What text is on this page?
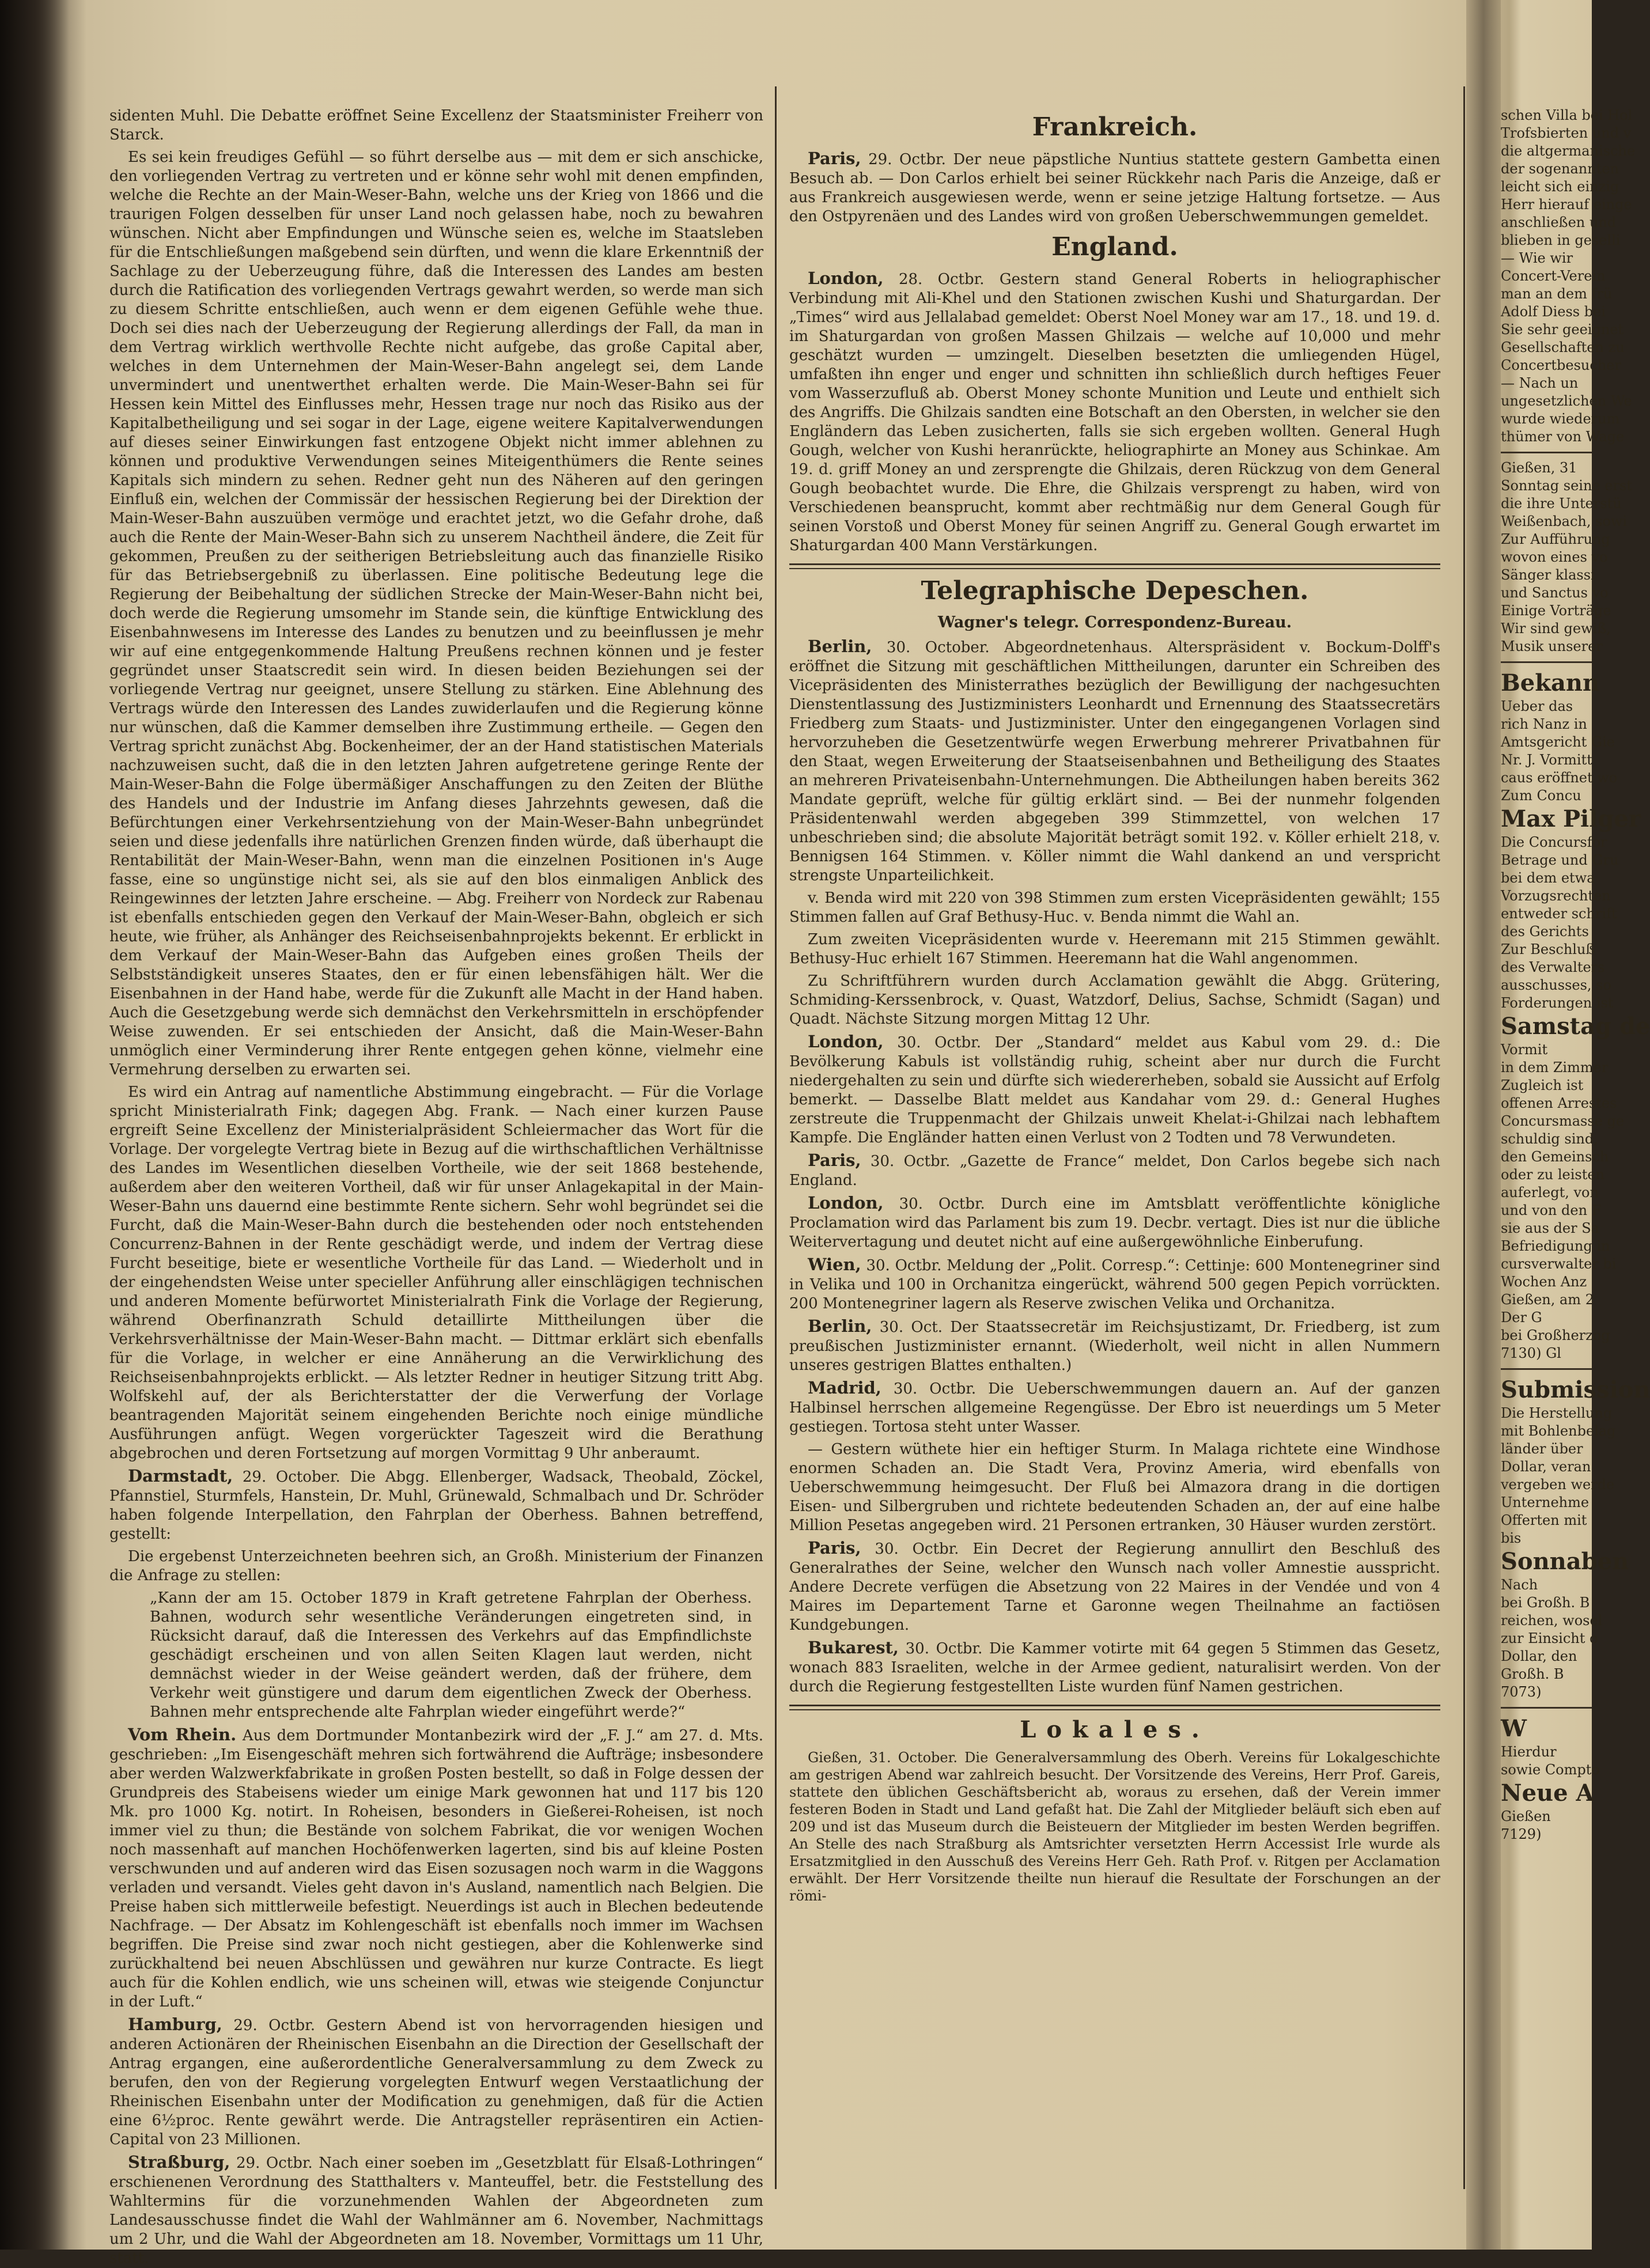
sidenten Muhl. Die Debatte eröffnet Seine Excellenz der Staatsminister Freiherr von Starck.

Es sei kein freudiges Gefühl — so führt derselbe aus — mit dem er sich anschicke, den vorliegenden Vertrag zu vertreten und er könne sehr wohl mit denen empfinden, welche die Rechte an der Main-Weser-Bahn, welche uns der Krieg von 1866 und die traurigen Folgen desselben für unser Land noch gelassen habe, noch zu bewahren wünschen. Nicht aber Empfindungen und Wünsche seien es, welche im Staatsleben für die Entschließungen maßgebend sein dürften, und wenn die klare Erkenntniß der Sachlage zu der Ueberzeugung führe, daß die Interessen des Landes am besten durch die Ratification des vorliegenden Vertrags gewahrt werden, so werde man sich zu diesem Schritte entschließen, auch wenn er dem eigenen Gefühle wehe thue. Doch sei dies nach der Ueberzeugung der Regierung allerdings der Fall, da man in dem Vertrag wirklich werthvolle Rechte nicht aufgebe, das große Capital aber, welches in dem Unternehmen der Main-Weser-Bahn angelegt sei, dem Lande unvermindert und unentwerthet erhalten werde. Die Main-Weser-Bahn sei für Hessen kein Mittel des Einflusses mehr, Hessen trage nur noch das Risiko aus der Kapitalbetheiligung und sei sogar in der Lage, eigene weitere Kapitalverwendungen auf dieses seiner Einwirkungen fast entzogene Objekt nicht immer ablehnen zu können und produktive Verwendungen seines Miteigenthümers die Rente seines Kapitals sich mindern zu sehen. Redner geht nun des Näheren auf den geringen Einfluß ein, welchen der Commissär der hessischen Regierung bei der Direktion der Main-Weser-Bahn auszuüben vermöge und erachtet jetzt, wo die Gefahr drohe, daß auch die Rente der Main-Weser-Bahn sich zu unserem Nachtheil ändere, die Zeit für gekommen, Preußen zu der seitherigen Betriebsleitung auch das finanzielle Risiko für das Betriebsergebniß zu überlassen. Eine politische Bedeutung lege die Regierung der Beibehaltung der südlichen Strecke der Main-Weser-Bahn nicht bei, doch werde die Regierung umsomehr im Stande sein, die künftige Entwicklung des Eisenbahnwesens im Interesse des Landes zu benutzen und zu beeinflussen je mehr wir auf eine entgegenkommende Haltung Preußens rechnen können und je fester gegründet unser Staatscredit sein wird. In diesen beiden Beziehungen sei der vorliegende Vertrag nur geeignet, unsere Stellung zu stärken. Eine Ablehnung des Vertrags würde den Interessen des Landes zuwiderlaufen und die Regierung könne nur wünschen, daß die Kammer demselben ihre Zustimmung ertheile. — Gegen den Vertrag spricht zunächst Abg. Bockenheimer, der an der Hand statistischen Materials nachzuweisen sucht, daß die in den letzten Jahren aufgetretene geringe Rente der Main-Weser-Bahn die Folge übermäßiger Anschaffungen zu den Zeiten der Blüthe des Handels und der Industrie im Anfang dieses Jahrzehnts gewesen, daß die Befürchtungen einer Verkehrsentziehung von der Main-Weser-Bahn unbegründet seien und diese jedenfalls ihre natürlichen Grenzen finden würde, daß überhaupt die Rentabilität der Main-Weser-Bahn, wenn man die einzelnen Positionen in's Auge fasse, eine so ungünstige nicht sei, als sie auf den blos einmaligen Anblick des Reingewinnes der letzten Jahre erscheine. — Abg. Freiherr von Nordeck zur Rabenau ist ebenfalls entschieden gegen den Verkauf der Main-Weser-Bahn, obgleich er sich heute, wie früher, als Anhänger des Reichseisenbahnprojekts bekennt. Er erblickt in dem Verkauf der Main-Weser-Bahn das Aufgeben eines großen Theils der Selbstständigkeit unseres Staates, den er für einen lebensfähigen hält. Wer die Eisenbahnen in der Hand habe, werde für die Zukunft alle Macht in der Hand haben. Auch die Gesetzgebung werde sich demnächst den Verkehrsmitteln in erschöpfender Weise zuwenden. Er sei entschieden der Ansicht, daß die Main-Weser-Bahn unmöglich einer Verminderung ihrer Rente entgegen gehen könne, vielmehr eine Vermehrung derselben zu erwarten sei.

Es wird ein Antrag auf namentliche Abstimmung eingebracht. — Für die Vorlage spricht Ministerialrath Fink; dagegen Abg. Frank. — Nach einer kurzen Pause ergreift Seine Excellenz der Ministerialpräsident Schleiermacher das Wort für die Vorlage. Der vorgelegte Vertrag biete in Bezug auf die wirthschaftlichen Verhältnisse des Landes im Wesentlichen dieselben Vortheile, wie der seit 1868 bestehende, außerdem aber den weiteren Vortheil, daß wir für unser Anlagekapital in der Main-Weser-Bahn uns dauernd eine bestimmte Rente sichern. Sehr wohl begründet sei die Furcht, daß die Main-Weser-Bahn durch die bestehenden oder noch entstehenden Concurrenz-Bahnen in der Rente geschädigt werde, und indem der Vertrag diese Furcht beseitige, biete er wesentliche Vortheile für das Land. — Wiederholt und in der eingehendsten Weise unter specieller Anführung aller einschlägigen technischen und anderen Momente befürwortet Ministerialrath Fink die Vorlage der Regierung, während Oberfinanzrath Schuld detaillirte Mittheilungen über die Verkehrsverhältnisse der Main-Weser-Bahn macht. — Dittmar erklärt sich ebenfalls für die Vorlage, in welcher er eine Annäherung an die Verwirklichung des Reichseisenbahnprojekts erblickt. — Als letzter Redner in heutiger Sitzung tritt Abg. Wolfskehl auf, der als Berichterstatter der die Verwerfung der Vorlage beantragenden Majorität seinem eingehenden Berichte noch einige mündliche Ausführungen anfügt. Wegen vorgerückter Tageszeit wird die Berathung abgebrochen und deren Fortsetzung auf morgen Vormittag 9 Uhr anberaumt.

Darmstadt, 29. October. Die Abgg. Ellenberger, Wadsack, Theobald, Zöckel, Pfannstiel, Sturmfels, Hanstein, Dr. Muhl, Grünewald, Schmalbach und Dr. Schröder haben folgende Interpellation, den Fahrplan der Oberhess. Bahnen betreffend, gestellt:

Die ergebenst Unterzeichneten beehren sich, an Großh. Ministerium der Finanzen die Anfrage zu stellen:

„Kann der am 15. October 1879 in Kraft getretene Fahrplan der Oberhess. Bahnen, wodurch sehr wesentliche Veränderungen eingetreten sind, in Rücksicht darauf, daß die Interessen des Verkehrs auf das Empfindlichste geschädigt erscheinen und von allen Seiten Klagen laut werden, nicht demnächst wieder in der Weise geändert werden, daß der frühere, dem Verkehr weit günstigere und darum dem eigentlichen Zweck der Oberhess. Bahnen mehr entsprechende alte Fahrplan wieder eingeführt werde?“

Vom Rhein. Aus dem Dortmunder Montanbezirk wird der „F. J.“ am 27. d. Mts. geschrieben: „Im Eisengeschäft mehren sich fortwährend die Aufträge; insbesondere aber werden Walzwerkfabrikate in großen Posten bestellt, so daß in Folge dessen der Grundpreis des Stabeisens wieder um einige Mark gewonnen hat und 117 bis 120 Mk. pro 1000 Kg. notirt. In Roheisen, besonders in Gießerei-Roheisen, ist noch immer viel zu thun; die Bestände von solchem Fabrikat, die vor wenigen Wochen noch massenhaft auf manchen Hochöfenwerken lagerten, sind bis auf kleine Posten verschwunden und auf anderen wird das Eisen sozusagen noch warm in die Waggons verladen und versandt. Vieles geht davon in's Ausland, namentlich nach Belgien. Die Preise haben sich mittlerweile befestigt. Neuerdings ist auch in Blechen bedeutende Nachfrage. — Der Absatz im Kohlengeschäft ist ebenfalls noch immer im Wachsen begriffen. Die Preise sind zwar noch nicht gestiegen, aber die Kohlenwerke sind zurückhaltend bei neuen Abschlüssen und gewähren nur kurze Contracte. Es liegt auch für die Kohlen endlich, wie uns scheinen will, etwas wie steigende Conjunctur in der Luft.“

Hamburg, 29. Octbr. Gestern Abend ist von hervorragenden hiesigen und anderen Actionären der Rheinischen Eisenbahn an die Direction der Gesellschaft der Antrag ergangen, eine außerordentliche Generalversammlung zu dem Zweck zu berufen, den von der Regierung vorgelegten Entwurf wegen Verstaatlichung der Rheinischen Eisenbahn unter der Modification zu genehmigen, daß für die Actien eine 6½proc. Rente gewährt werde. Die Antragsteller repräsentiren ein Actien-Capital von 23 Millionen.

Straßburg, 29. Octbr. Nach einer soeben im „Gesetzblatt für Elsaß-Lothringen“ erschienenen Verordnung des Statthalters v. Manteuffel, betr. die Feststellung des Wahltermins für die vorzunehmenden Wahlen der Abgeordneten zum Landesausschusse findet die Wahl der Wahlmänner am 6. November, Nachmittags um 2 Uhr, und die Wahl der Abgeordneten am 18. November, Vormittags um 11 Uhr, statt.

Frankreich.

Paris, 29. Octbr. Der neue päpstliche Nuntius stattete gestern Gambetta einen Besuch ab. — Don Carlos erhielt bei seiner Rückkehr nach Paris die Anzeige, daß er aus Frankreich ausgewiesen werde, wenn er seine jetzige Haltung fortsetze. — Aus den Ostpyrenäen und des Landes wird von großen Ueberschwemmungen gemeldet.

England.

London, 28. Octbr. Gestern stand General Roberts in heliographischer Verbindung mit Ali-Khel und den Stationen zwischen Kushi und Shaturgardan. Der „Times“ wird aus Jellalabad gemeldet: Oberst Noel Money war am 17., 18. und 19. d. im Shaturgardan von großen Massen Ghilzais — welche auf 10,000 und mehr geschätzt wurden — umzingelt. Dieselben besetzten die umliegenden Hügel, umfaßten ihn enger und enger und schnitten ihn schließlich durch heftiges Feuer vom Wasserzufluß ab. Oberst Money schonte Munition und Leute und enthielt sich des Angriffs. Die Ghilzais sandten eine Botschaft an den Obersten, in welcher sie den Engländern das Leben zusicherten, falls sie sich ergeben wollten. General Hugh Gough, welcher von Kushi heranrückte, heliographirte an Money aus Schinkae. Am 19. d. griff Money an und zersprengte die Ghilzais, deren Rückzug von dem General Gough beobachtet wurde. Die Ehre, die Ghilzais versprengt zu haben, wird von Verschiedenen beansprucht, kommt aber rechtmäßig nur dem General Gough für seinen Vorstoß und Oberst Money für seinen Angriff zu. General Gough erwartet im Shaturgardan 400 Mann Verstärkungen.

Telegraphische Depeschen.
Wagner's telegr. Correspondenz-Bureau.

Berlin, 30. October. Abgeordnetenhaus. Alterspräsident v. Bockum-Dolff's eröffnet die Sitzung mit geschäftlichen Mittheilungen, darunter ein Schreiben des Vicepräsidenten des Ministerrathes bezüglich der Bewilligung der nachgesuchten Dienstentlassung des Justizministers Leonhardt und Ernennung des Staatssecretärs Friedberg zum Staats- und Justizminister. Unter den eingegangenen Vorlagen sind hervorzuheben die Gesetzentwürfe wegen Erwerbung mehrerer Privatbahnen für den Staat, wegen Erweiterung der Staatseisenbahnen und Betheiligung des Staates an mehreren Privateisenbahn-Unternehmungen. Die Abtheilungen haben bereits 362 Mandate geprüft, welche für gültig erklärt sind. — Bei der nunmehr folgenden Präsidentenwahl werden abgegeben 399 Stimmzettel, von welchen 17 unbeschrieben sind; die absolute Majorität beträgt somit 192. v. Köller erhielt 218, v. Bennigsen 164 Stimmen. v. Köller nimmt die Wahl dankend an und verspricht strengste Unparteilichkeit.

v. Benda wird mit 220 von 398 Stimmen zum ersten Vicepräsidenten gewählt; 155 Stimmen fallen auf Graf Bethusy-Huc. v. Benda nimmt die Wahl an.

Zum zweiten Vicepräsidenten wurde v. Heeremann mit 215 Stimmen gewählt. Bethusy-Huc erhielt 167 Stimmen. Heeremann hat die Wahl angenommen.

Zu Schriftführern wurden durch Acclamation gewählt die Abgg. Grütering, Schmiding-Kerssenbrock, v. Quast, Watzdorf, Delius, Sachse, Schmidt (Sagan) und Quadt. Nächste Sitzung morgen Mittag 12 Uhr.

London, 30. Octbr. Der „Standard“ meldet aus Kabul vom 29. d.: Die Bevölkerung Kabuls ist vollständig ruhig, scheint aber nur durch die Furcht niedergehalten zu sein und dürfte sich wiedererheben, sobald sie Aussicht auf Erfolg bemerkt. — Dasselbe Blatt meldet aus Kandahar vom 29. d.: General Hughes zerstreute die Truppenmacht der Ghilzais unweit Khelat-i-Ghilzai nach lebhaftem Kampfe. Die Engländer hatten einen Verlust von 2 Todten und 78 Verwundeten.

Paris, 30. Octbr. „Gazette de France“ meldet, Don Carlos begebe sich nach England.

London, 30. Octbr. Durch eine im Amtsblatt veröffentlichte königliche Proclamation wird das Parlament bis zum 19. Decbr. vertagt. Dies ist nur die übliche Weitervertagung und deutet nicht auf eine außergewöhnliche Einberufung.

Wien, 30. Octbr. Meldung der „Polit. Corresp.“: Cettinje: 600 Montenegriner sind in Velika und 100 in Orchanitza eingerückt, während 500 gegen Pepich vorrückten. 200 Montenegriner lagern als Reserve zwischen Velika und Orchanitza.

Berlin, 30. Oct. Der Staatssecretär im Reichsjustizamt, Dr. Friedberg, ist zum preußischen Justizminister ernannt. (Wiederholt, weil nicht in allen Nummern unseres gestrigen Blattes enthalten.)

Madrid, 30. Octbr. Die Ueberschwemmungen dauern an. Auf der ganzen Halbinsel herrschen allgemeine Regengüsse. Der Ebro ist neuerdings um 5 Meter gestiegen. Tortosa steht unter Wasser.

— Gestern wüthete hier ein heftiger Sturm. In Malaga richtete eine Windhose enormen Schaden an. Die Stadt Vera, Provinz Ameria, wird ebenfalls von Ueberschwemmung heimgesucht. Der Fluß bei Almazora drang in die dortigen Eisen- und Silbergruben und richtete bedeutenden Schaden an, der auf eine halbe Million Pesetas angegeben wird. 21 Personen ertranken, 30 Häuser wurden zerstört.

Paris, 30. Octbr. Ein Decret der Regierung annullirt den Beschluß des Generalrathes der Seine, welcher den Wunsch nach voller Amnestie ausspricht. Andere Decrete verfügen die Absetzung von 22 Maires in der Vendée und von 4 Maires im Departement Tarne et Garonne wegen Theilnahme an factiösen Kundgebungen.

Bukarest, 30. Octbr. Die Kammer votirte mit 64 gegen 5 Stimmen das Gesetz, wonach 883 Israeliten, welche in der Armee gedient, naturalisirt werden. Von der durch die Regierung festgestellten Liste wurden fünf Namen gestrichen.

Lokales.

Gießen, 31. October. Die Generalversammlung des Oberh. Vereins für Lokalgeschichte am gestrigen Abend war zahlreich besucht. Der Vorsitzende des Vereins, Herr Prof. Gareis, stattete den üblichen Geschäftsbericht ab, woraus zu ersehen, daß der Verein immer festeren Boden in Stadt und Land gefaßt hat. Die Zahl der Mitglieder beläuft sich eben auf 209 und ist das Museum durch die Beisteuern der Mitglieder im besten Werden begriffen. An Stelle des nach Straßburg als Amtsrichter versetzten Herrn Accessist Irle wurde als Ersatzmitglied in den Ausschuß des Vereins Herr Geh. Rath Prof. v. Ritgen per Acclamation erwählt. Der Herr Vorsitzende theilte nun hierauf die Resultate der Forschungen an der römi-

schen Villa bei Hol

Trofsbierten und v

die altgermanische

der sogenannten

leicht sich einzig

Herr hierauf einge

anschließen und

blieben in geselli

— Wie wir

Concert-Verein

man an dem frü

Adolf Diess bei

Sie sehr geeignet

Gesellschaften zu

Concertbesucher

— Nach un

ungesetzlichen We

wurde wiederum

thümer von Wage

Gießen, 31

Sonntag seine erst

die ihre Unterstü

Weißenbach, sowi

Zur Aufführung

wovon eines vo

Sänger klassi

und Sanctus vo

Einige Vorträge

Wir sind gewiß,

Musik unserer

Bekann

Ueber das

rich Nanz in

Amtsgericht Gie

Nr. J. Vormitt

caus eröffnet wo

Zum Concu

Max Pilger

Die Concursfor

Betrage und Gru

bei dem etwa

Vorzugsrechten

entweder schrift

des Gerichts

Zur Beschluß

des Verwalters

ausschusses, so

Forderungen ist

Samstag de

Vormit

in dem Zimmer

Zugleich ist

offenen Arrestes

Concursmasse ge

schuldig sind,

den Gemeinsch

oder zu leisten

auferlegt, von

und von den F

sie aus der Sa

Befriedigung in

cursverwalter bi

Wochen Anz

Gießen, am 2

Der G

bei Großherzog

7130) Gl

Submission

Die Herstellung

mit Bohlenbelag

länder über

Dollar, veran

vergeben werde

Unternehme

Offerten mit

bis

Sonnaben

Nach

bei Großh. B

reichen, wosel

zur Einsicht o

Dollar, den

Großh. B

7073)

W

Hierdur

sowie Compto

Neue A

Gießen

7129)
